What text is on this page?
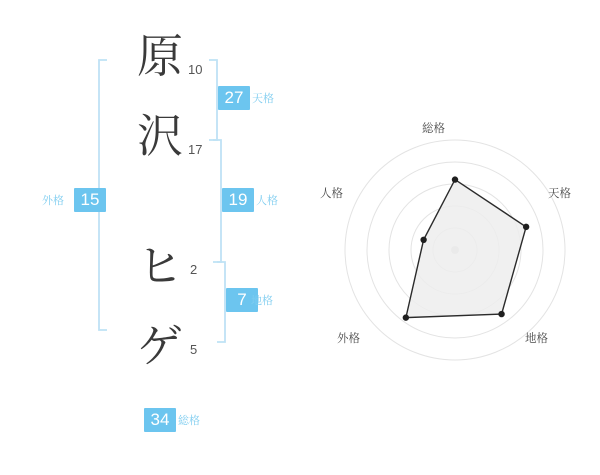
原
沢
ヒ
ゲ
10
17
2
5
27 天格
19 人格
7 地格
15
外格
34 総格
総格
天格
地格
外格
人格
